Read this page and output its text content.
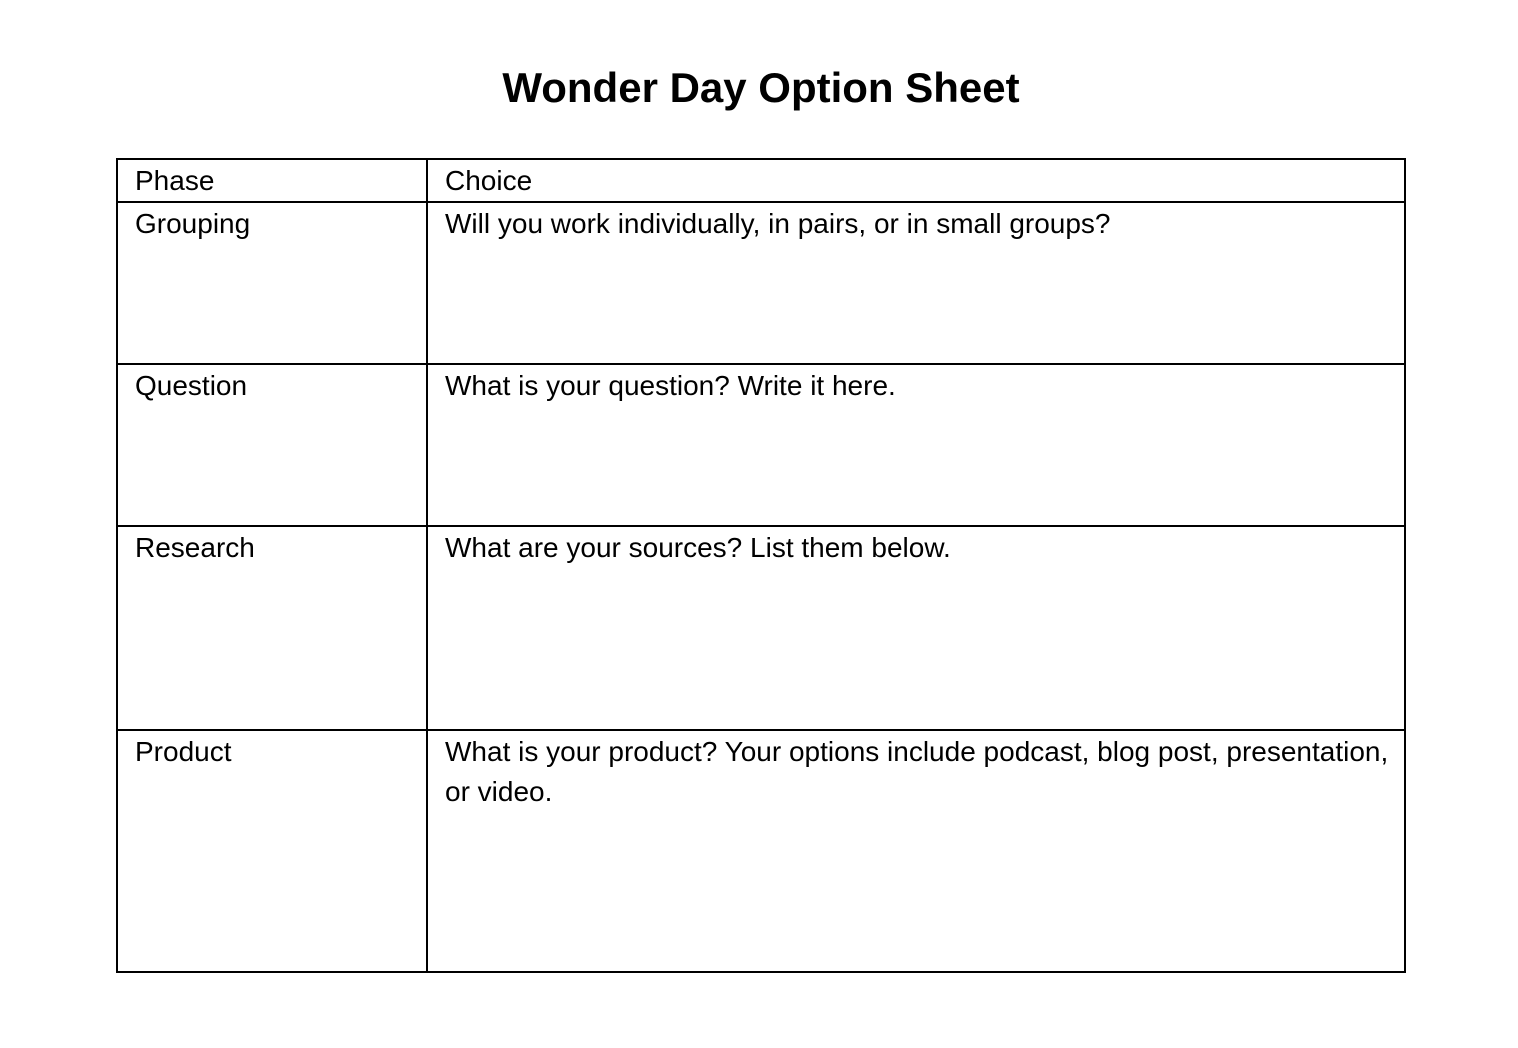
Wonder Day Option Sheet
Phase	Choice
Grouping	Will you work individually, in pairs, or in small groups?
Question	What is your question? Write it here.
Research	What are your sources? List them below.
Product	What is your product? Your options include podcast, blog post, presentation, or video.
